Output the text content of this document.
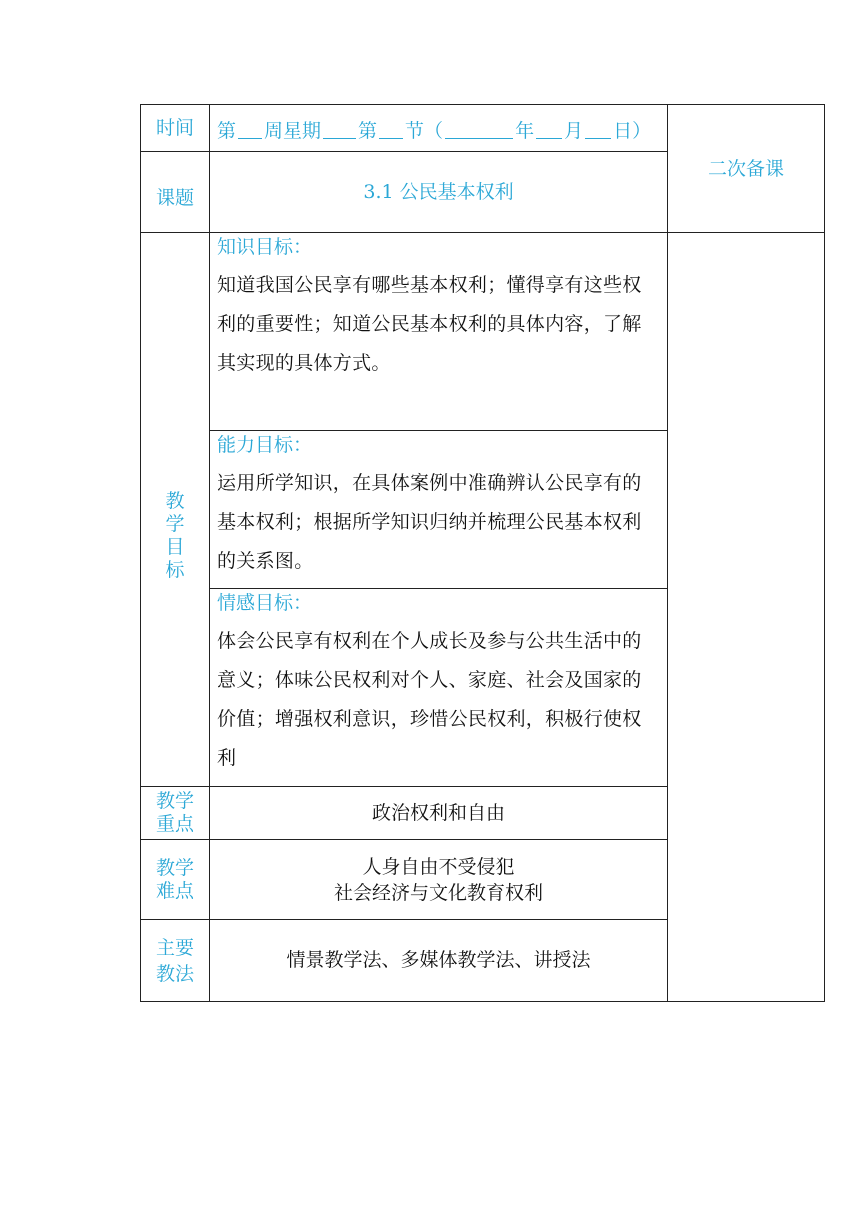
时间 第 周星期 第 节（	年 月 日）
二次备课
课题	3.1 公民基本权利
教
学
目
标
知识目标：
知道我国公民享有哪些基本权利；懂得享有这些权
利的重要性；知道公民基本权利的具体内容，了解
其实现的具体方式。
能力目标：
运用所学知识，在具体案例中准确辨认公民享有的
基本权利；根据所学知识归纳并梳理公民基本权利
的关系图。
情感目标：
体会公民享有权利在个人成长及参与公共生活中的
意义；体味公民权利对个人、家庭、社会及国家的
价值；增强权利意识，珍惜公民权利，积极行使权
利
教学
重点
政治权利和自由
教学
难点
人身自由不受侵犯
社会经济与文化教育权利
主要
教法
情景教学法、多媒体教学法、讲授法
